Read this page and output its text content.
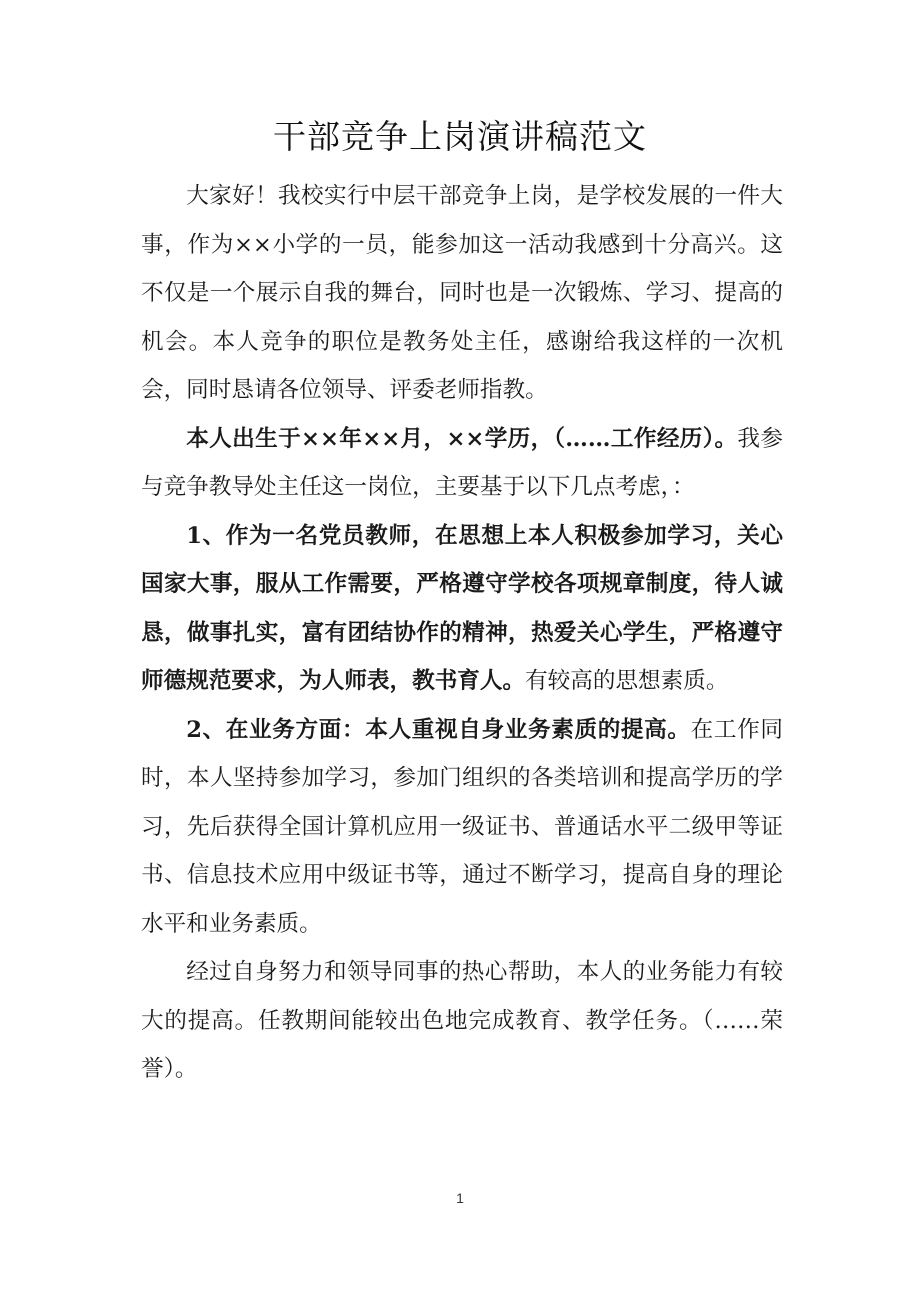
干部竞争上岗演讲稿范文

大家好！我校实行中层干部竞争上岗，是学校发展的一件大事，作为××小学的一员，能参加这一活动我感到十分高兴。这不仅是一个展示自我的舞台，同时也是一次锻炼、学习、提高的机会。本人竞争的职位是教务处主任，感谢给我这样的一次机会，同时恳请各位领导、评委老师指教。

本人出生于××年××月，××学历，（……工作经历）。我参与竞争教导处主任这一岗位，主要基于以下几点考虑，：

1、作为一名党员教师，在思想上本人积极参加学习，关心国家大事，服从工作需要，严格遵守学校各项规章制度，待人诚恳，做事扎实，富有团结协作的精神，热爱关心学生，严格遵守师德规范要求，为人师表，教书育人。有较高的思想素质。

2、在业务方面：本人重视自身业务素质的提高。在工作同时，本人坚持参加学习，参加门组织的各类培训和提高学历的学习，先后获得全国计算机应用一级证书、普通话水平二级甲等证书、信息技术应用中级证书等，通过不断学习，提高自身的理论水平和业务素质。

经过自身努力和领导同事的热心帮助，本人的业务能力有较大的提高。任教期间能较出色地完成教育、教学任务。（……荣誉）。

1
